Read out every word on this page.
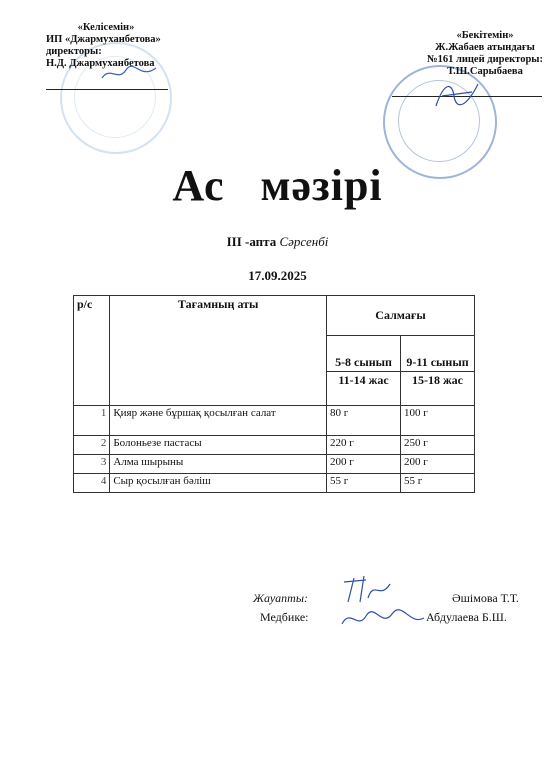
«Келісемін»
ИП «Джармуханбетова»
директоры:
Н.Д. Джармуханбетова
«Бекітемін»
Ж.Жабаев атындағы
№161 лицей директоры:
Т.Ш.Сарыбаева
Ас мәзірі
III -апта Сәрсенбі
17.09.2025
р/с	Тағамның аты	Салмағы	
		5-8 сынып	9-11 сынып
		11-14 жас	15-18 жас
1	Қияр және бұршақ қосылған салат	80 г	100 г
2	Болоньезе пастасы	220 г	250 г
3	Алма шырыны	200 г	200 г
4	Сыр қосылған бәліш	55 г	55 г
Жауапты:	Әшімова Т.Т.
Медбике:	Абдулаева Б.Ш.
